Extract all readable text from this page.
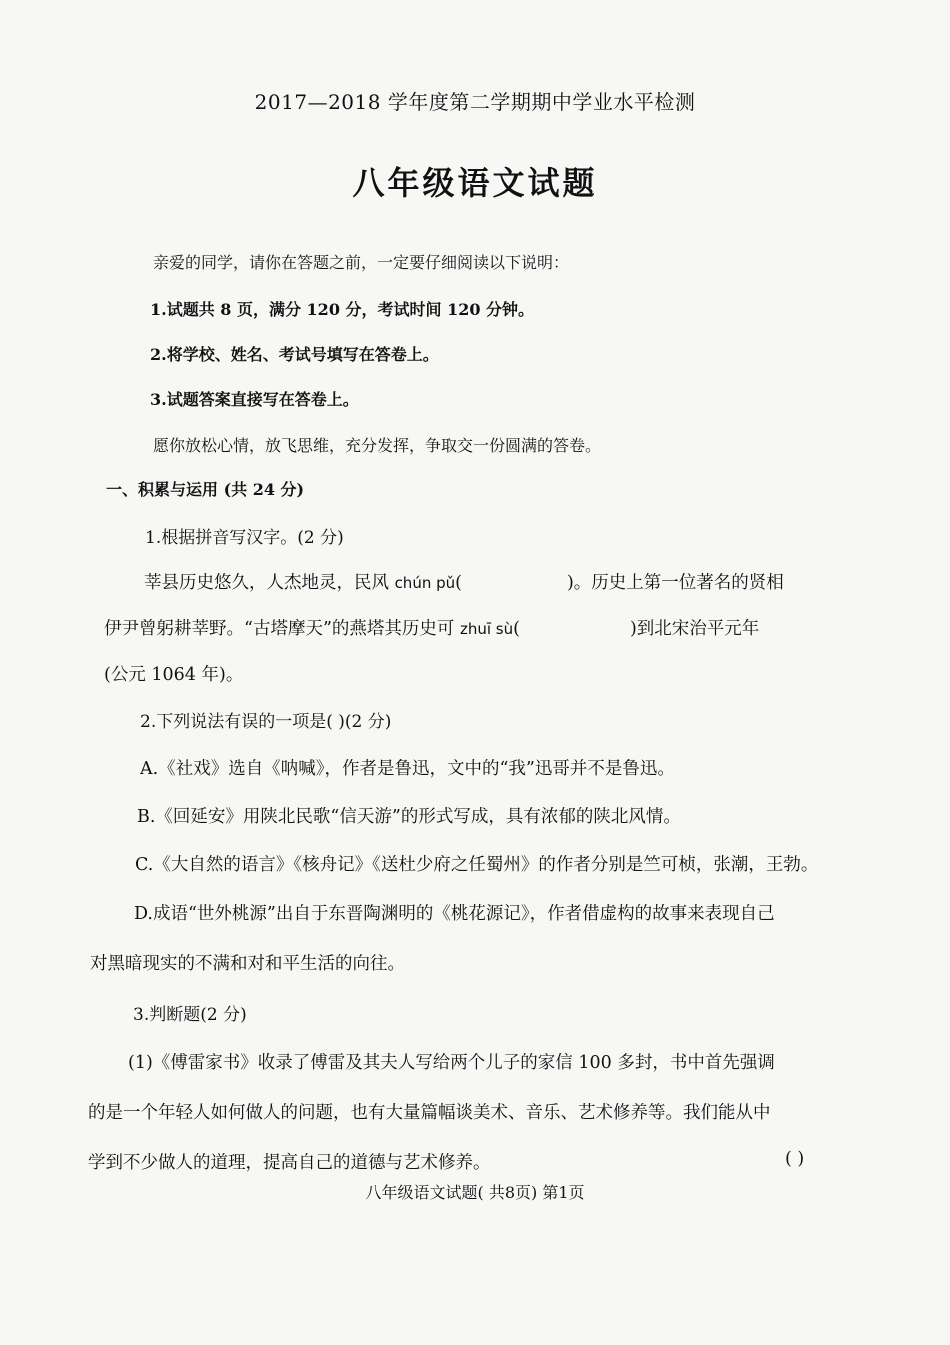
2017—2018 学年度第二学期期中学业水平检测
八年级语文试题
亲爱的同学，请你在答题之前，一定要仔细阅读以下说明：
1.试题共 8 页，满分 120 分，考试时间 120 分钟。
2.将学校、姓名、考试号填写在答卷上。
3.试题答案直接写在答卷上。
愿你放松心情，放飞思维，充分发挥，争取交一份圆满的答卷。
一、积累与运用 (共 24 分)
1.根据拼音写汉字。(2 分)
莘县历史悠久，人杰地灵，民风 chún pǔ(	)。历史上第一位著名的贤相
伊尹曾躬耕莘野。“古塔摩天”的燕塔其历史可 zhuī sù(	)到北宋治平元年
(公元 1064 年)。
2.下列说法有误的一项是( )(2 分)
A.《社戏》选自《呐喊》，作者是鲁迅，文中的“我”迅哥并不是鲁迅。
B.《回延安》用陕北民歌“信天游”的形式写成，具有浓郁的陕北风情。
C.《大自然的语言》《核舟记》《送杜少府之任蜀州》的作者分别是竺可桢，张潮，王勃。
D.成语“世外桃源”出自于东晋陶渊明的《桃花源记》，作者借虚构的故事来表现自己
对黑暗现实的不满和对和平生活的向往。
3.判断题(2 分)
(1)《傅雷家书》收录了傅雷及其夫人写给两个儿子的家信 100 多封，书中首先强调
的是一个年轻人如何做人的问题，也有大量篇幅谈美术、音乐、艺术修养等。我们能从中
学到不少做人的道理，提高自己的道德与艺术修养。	( )
八年级语文试题( 共8页) 第1页
